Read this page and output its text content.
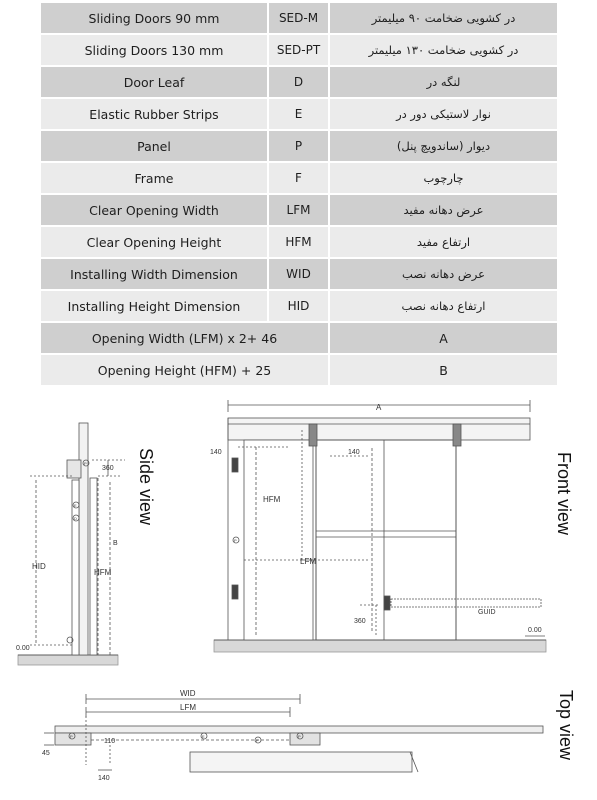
Sliding Doors 90 mm	SED-M	در کشویی ضخامت ۹۰ میلیمتر
Sliding Doors 130 mm	SED-PT	در کشویی ضخامت ۱۳۰ میلیمتر
Door Leaf	D	لنگه در
Elastic Rubber Strips	E	نوار لاستیکی دور در
Panel	P	دیوار (ساندویچ پنل)
Frame	F	چارچوب
Clear Opening Width	LFM	عرض دهانه مفید
Clear Opening Height	HFM	ارتفاع مفید
Installing Width Dimension	WID	عرض دهانه نصب
Installing Height Dimension	HID	ارتفاع دهانه نصب
Opening Width (LFM) x 2+ 46	A
Opening Height (HFM) + 25	B
360
HID
HFM
B
0.00
P
E
D	Side view
A
140	140
HFM
LFM
360
GUID
0.00
P
Front view
WID
LFM
110
45
140
P	P
E
F	Top view
